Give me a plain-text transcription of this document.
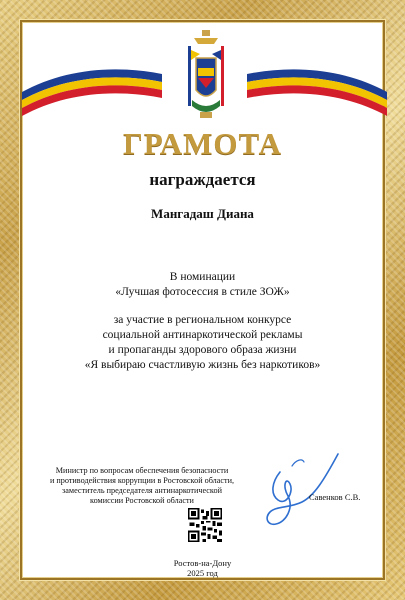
ГРАМОТА
награждается
Мангадаш Диана
В номинации
«Лучшая фотосессия в стиле ЗОЖ»
за участие в региональном конкурсе
социальной антинаркотической рекламы
и пропаганды здорового образа жизни
«Я выбираю счастливую жизнь без наркотиков»
Министр по вопросам обеспечения безопасности
и противодействия коррупции в Ростовской области,
заместитель председателя антинаркотической
комиссии Ростовской области	Савенков С.В.
Ростов-на-Дону
2025 год
